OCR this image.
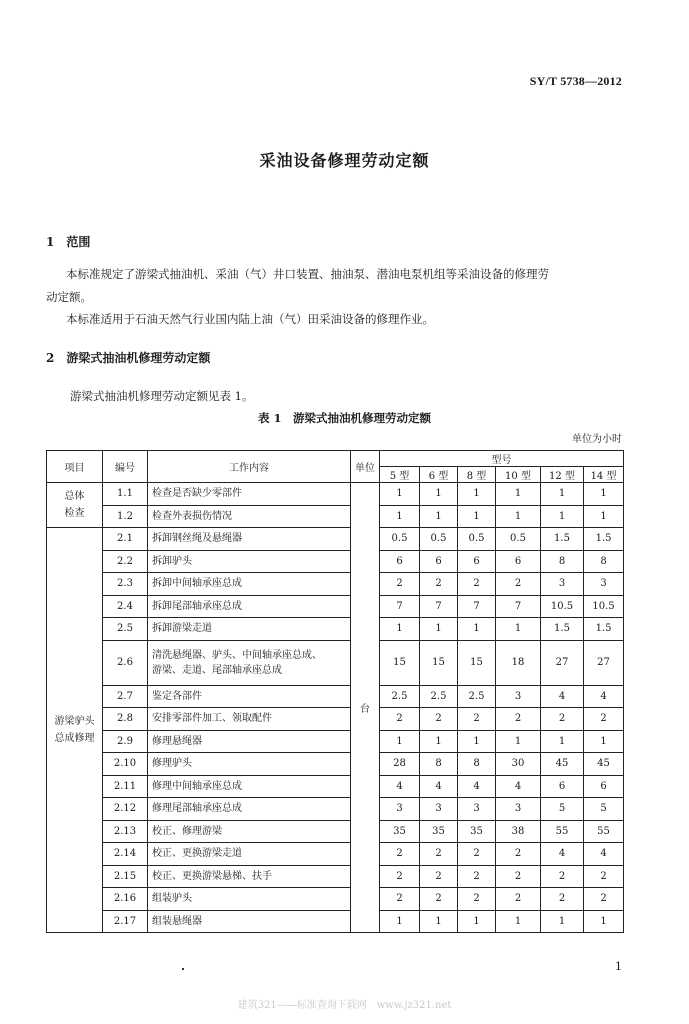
SY/T 5738—2012
采油设备修理劳动定额
1　范围
本标准规定了游梁式抽油机、采油（气）井口装置、抽油泵、潜油电泵机组等采油设备的修理劳
动定额。
本标准适用于石油天然气行业国内陆上油（气）田采油设备的修理作业。
2　游梁式抽油机修理劳动定额
游梁式抽油机修理劳动定额见表 1。
表 1　游梁式抽油机修理劳动定额
单位为小时
项目	编号	工作内容	单位	型号					
				5 型	6 型	8 型	10 型	12 型	14 型

总体
检查	1.1	检查是否缺少零部件	台	1	1	1	1	1	1
	1.2	检查外表损伤情况		1	1	1	1	1	1

游梁驴头
总成修理	2.1	拆卸钢丝绳及悬绳器		0.5	0.5	0.5	0.5	1.5	1.5
	2.2	拆卸驴头		6	6	6	6	8	8
	2.3	拆卸中间轴承座总成		2	2	2	2	3	3
	2.4	拆卸尾部轴承座总成		7	7	7	7	10.5	10.5
	2.5	拆卸游梁走道		1	1	1	1	1.5	1.5
	2.6	清洗悬绳器、驴头、中间轴承座总成、
游梁、走道、尾部轴承座总成		15	15	15	18	27	27
	2.7	鉴定各部件		2.5	2.5	2.5	3	4	4
	2.8	安排零部件加工、领取配件		2	2	2	2	2	2
	2.9	修理悬绳器		1	1	1	1	1	1
	2.10	修理驴头		28	8	8	30	45	45
	2.11	修理中间轴承座总成		4	4	4	4	6	6
	2.12	修理尾部轴承座总成		3	3	3	3	5	5
	2.13	校正、修理游梁		35	35	35	38	55	55
	2.14	校正、更换游梁走道		2	2	2	2	4	4
	2.15	校正、更换游梁悬梯、扶手		2	2	2	2	2	2
	2.16	组装驴头		2	2	2	2	2	2
	2.17	组装悬绳器		1	1	1	1	1	1
1
建筑321——标准查询下载网　www.jz321.net
